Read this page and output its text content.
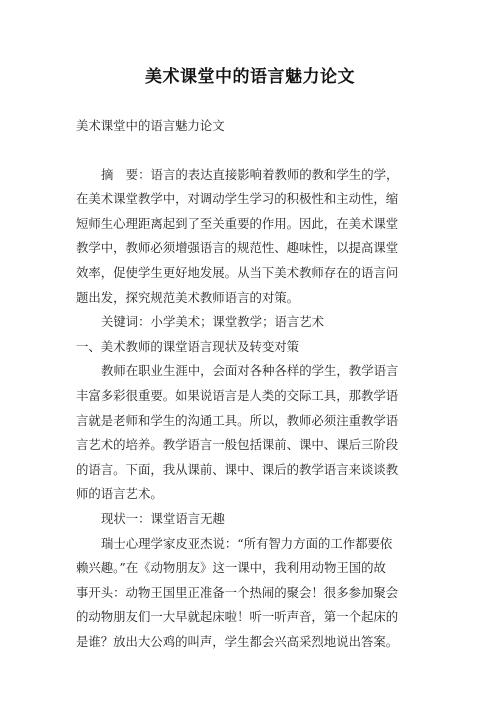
美术课堂中的语言魅力论文
美术课堂中的语言魅力论文
摘　要：语言的表达直接影响着教师的教和学生的学，
在美术课堂教学中，对调动学生学习的积极性和主动性，缩
短师生心理距离起到了至关重要的作用。因此，在美术课堂
教学中，教师必须增强语言的规范性、趣味性，以提高课堂
效率，促使学生更好地发展。从当下美术教师存在的语言问
题出发，探究规范美术教师语言的对策。
关键词：小学美术；课堂教学；语言艺术
一、美术教师的课堂语言现状及转变对策
教师在职业生涯中，会面对各种各样的学生，教学语言
丰富多彩很重要。如果说语言是人类的交际工具，那教学语
言就是老师和学生的沟通工具。所以，教师必须注重教学语
言艺术的培养。教学语言一般包括课前、课中、课后三阶段
的语言。下面，我从课前、课中、课后的教学语言来谈谈教
师的语言艺术。
现状一：课堂语言无趣
瑞士心理学家皮亚杰说：“所有智力方面的工作都要依
赖兴趣。”在《动物朋友》这一课中，我利用动物王国的故
事开头：动物王国里正准备一个热闹的聚会！很多参加聚会
的动物朋友们一大早就起床啦！听一听声音，第一个起床的
是谁？放出大公鸡的叫声，学生都会兴高采烈地说出答案。
